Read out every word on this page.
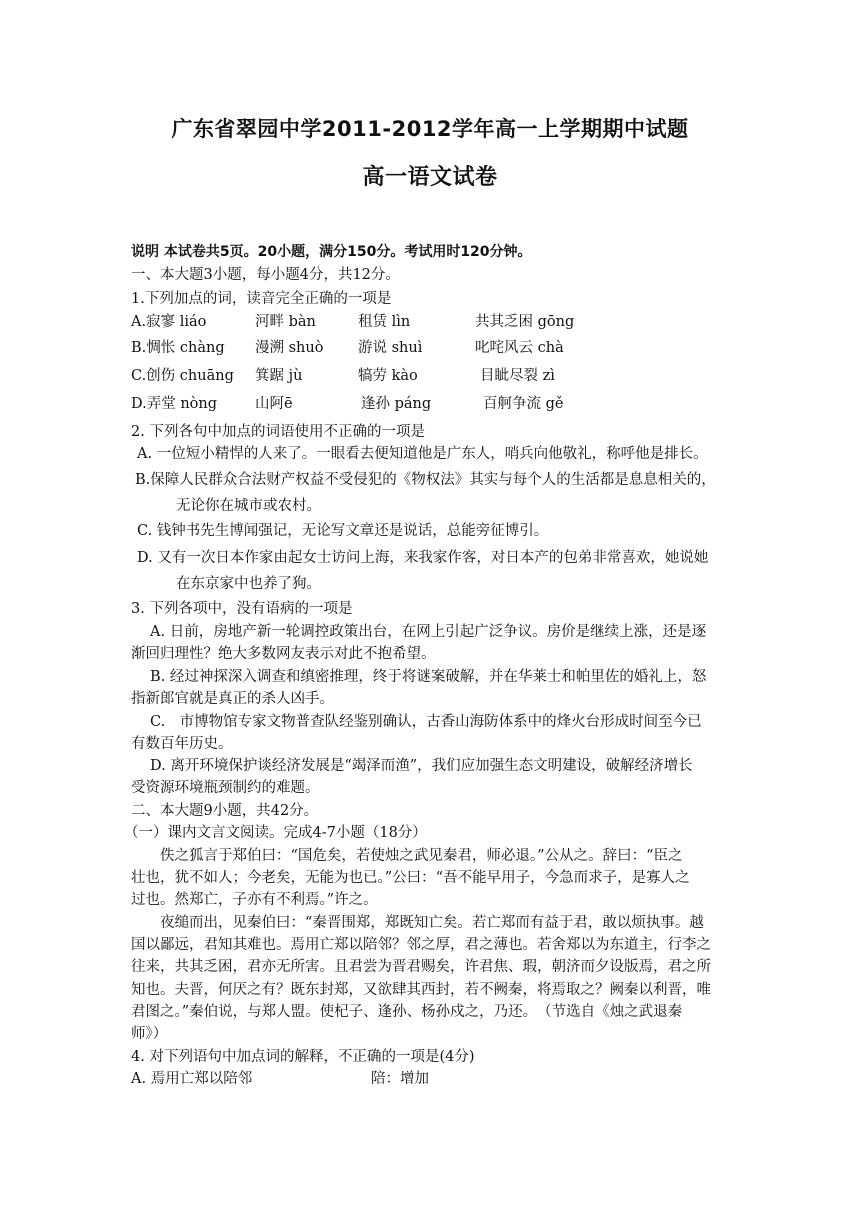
广东省翠园中学2011-2012学年高一上学期期中试题
高一语文试卷
说明 本试卷共5页。20小题，满分150分。考试用时120分钟。
一、本大题3小题，每小题4分，共12分。
1.下列加点的词，读音完全正确的一项是
A.寂寥 liáo	河畔 bàn	租赁 lìn	共其乏困 gōng
B.惆怅 chàng 漫溯 shuò 游说 shuì	叱咤风云 chà
C.创伤 chuāng 箕踞 jù	犒劳 kào	目眦尽裂 zì
D.弄堂 nòng	山阿ē	逢孙 páng	百舸争流 gě
2. 下列各句中加点的词语使用不正确的一项是
A. 一位短小精悍的人来了。一眼看去便知道他是广东人，哨兵向他敬礼，称呼他是排长。
B.保障人民群众合法财产权益不受侵犯的《物权法》其实与每个人的生活都是息息相关的，
无论你在城市或农村。
C. 钱钟书先生博闻强记，无论写文章还是说话，总能旁征博引。
D. 又有一次日本作家由起女士访问上海，来我家作客，对日本产的包弟非常喜欢，她说她
在东京家中也养了狗。
3. 下列各项中，没有语病的一项是
A. 日前，房地产新一轮调控政策出台，在网上引起广泛争议。房价是继续上涨，还是逐
渐回归理性？绝大多数网友表示对此不抱希望。
B. 经过神探深入调查和缜密推理，终于将谜案破解，并在华莱士和帕里佐的婚礼上，怒
指新郎官就是真正的杀人凶手。
C.　市博物馆专家文物普查队经鉴别确认，古香山海防体系中的烽火台形成时间至今已
有数百年历史。
D. 离开环境保护谈经济发展是“竭泽而渔”，我们应加强生态文明建设，破解经济增长
受资源环境瓶颈制约的难题。
二、本大题9小题，共42分。
（一）课内文言文阅读。完成4-7小题（18分）
佚之狐言于郑伯曰：“国危矣，若使烛之武见秦君，师必退。”公从之。辞曰：“臣之
壮也，犹不如人；今老矣，无能为也已。”公曰：“吾不能早用子，今急而求子，是寡人之
过也。然郑亡，子亦有不利焉。”许之。
夜缒而出，见秦伯曰：“秦晋围郑，郑既知亡矣。若亡郑而有益于君，敢以烦执事。越
国以鄙远，君知其难也。焉用亡郑以陪邻？邻之厚，君之薄也。若舍郑以为东道主，行李之
往来，共其乏困，君亦无所害。且君尝为晋君赐矣，许君焦、瑕，朝济而夕设版焉，君之所
知也。夫晋，何厌之有？既东封郑，又欲肆其西封，若不阙秦，将焉取之？阙秦以利晋，唯
君图之。”秦伯说，与郑人盟。使杞子、逢孙、杨孙戍之，乃还。　（节选自《烛之武退秦
师》）
4. 对下列语句中加点词的解释，不正确的一项是(4分)
A. 焉用亡郑以陪邻	陪：增加
